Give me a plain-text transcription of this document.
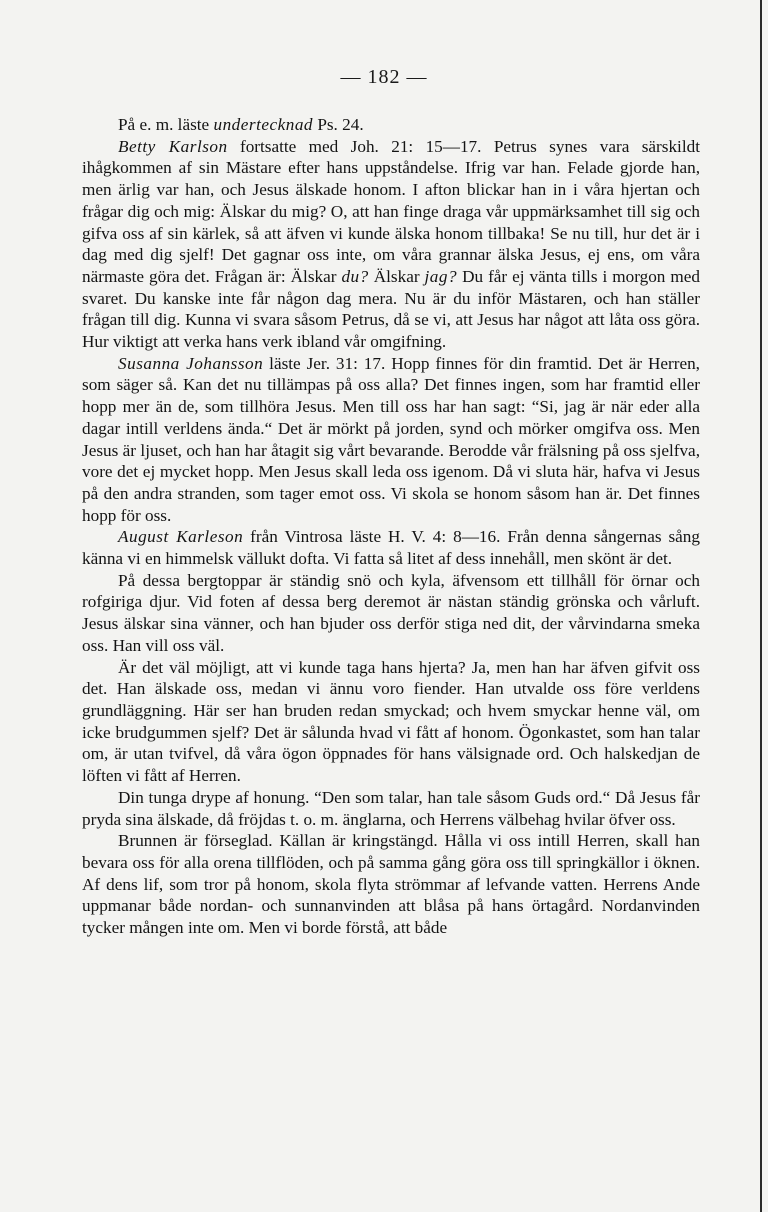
— 182 —

På e. m. läste undertecknad Ps. 24.

Betty Karlson fortsatte med Joh. 21: 15—17. Petrus synes vara särskildt ihågkommen af sin Mästare efter hans uppståndelse. Ifrig var han. Felade gjorde han, men ärlig var han, och Jesus älskade honom. I afton blickar han in i våra hjertan och frågar dig och mig: Älskar du mig? O, att han finge draga vår uppmärksamhet till sig och gifva oss af sin kärlek, så att äfven vi kunde älska honom tillbaka! Se nu till, hur det är i dag med dig sjelf! Det gagnar oss inte, om våra grannar älska Jesus, ej ens, om våra närmaste göra det. Frågan är: Älskar du? Älskar jag? Du får ej vänta tills i morgon med svaret. Du kanske inte får någon dag mera. Nu är du inför Mästaren, och han ställer frågan till dig. Kunna vi svara såsom Petrus, då se vi, att Jesus har något att låta oss göra. Hur viktigt att verka hans verk ibland vår omgifning.

Susanna Johansson läste Jer. 31: 17. Hopp finnes för din framtid. Det är Herren, som säger så. Kan det nu tillämpas på oss alla? Det finnes ingen, som har framtid eller hopp mer än de, som tillhöra Jesus. Men till oss har han sagt: “Si, jag är när eder alla dagar intill verldens ända.“ Det är mörkt på jorden, synd och mörker omgifva oss. Men Jesus är ljuset, och han har åtagit sig vårt bevarande. Berodde vår frälsning på oss sjelfva, vore det ej mycket hopp. Men Jesus skall leda oss igenom. Då vi sluta här, hafva vi Jesus på den andra stranden, som tager emot oss. Vi skola se honom såsom han är. Det finnes hopp för oss.

August Karleson från Vintrosa läste H. V. 4: 8—16. Från denna sångernas sång känna vi en himmelsk vällukt dofta. Vi fatta så litet af dess innehåll, men skönt är det.

På dessa bergtoppar är ständig snö och kyla, äfvensom ett tillhåll för örnar och rofgiriga djur. Vid foten af dessa berg deremot är nästan ständig grönska och vårluft. Jesus älskar sina vänner, och han bjuder oss derför stiga ned dit, der vårvindarna smeka oss. Han vill oss väl.

Är det väl möjligt, att vi kunde taga hans hjerta? Ja, men han har äfven gifvit oss det. Han älskade oss, medan vi ännu voro fiender. Han utvalde oss före verldens grundläggning. Här ser han bruden redan smyckad; och hvem smyckar henne väl, om icke brudgummen sjelf? Det är sålunda hvad vi fått af honom. Ögonkastet, som han talar om, är utan tvifvel, då våra ögon öppnades för hans välsignade ord. Och halskedjan de löften vi fått af Herren.

Din tunga drype af honung. “Den som talar, han tale såsom Guds ord.“ Då Jesus får pryda sina älskade, då fröjdas t. o. m. änglarna, och Herrens välbehag hvilar öfver oss.

Brunnen är förseglad. Källan är kringstängd. Hålla vi oss intill Herren, skall han bevara oss för alla orena tillflöden, och på samma gång göra oss till springkällor i öknen. Af dens lif, som tror på honom, skola flyta strömmar af lefvande vatten. Herrens Ande uppmanar både nordan- och sunnanvinden att blåsa på hans örtagård. Nordanvinden tycker mången inte om. Men vi borde förstå, att både
